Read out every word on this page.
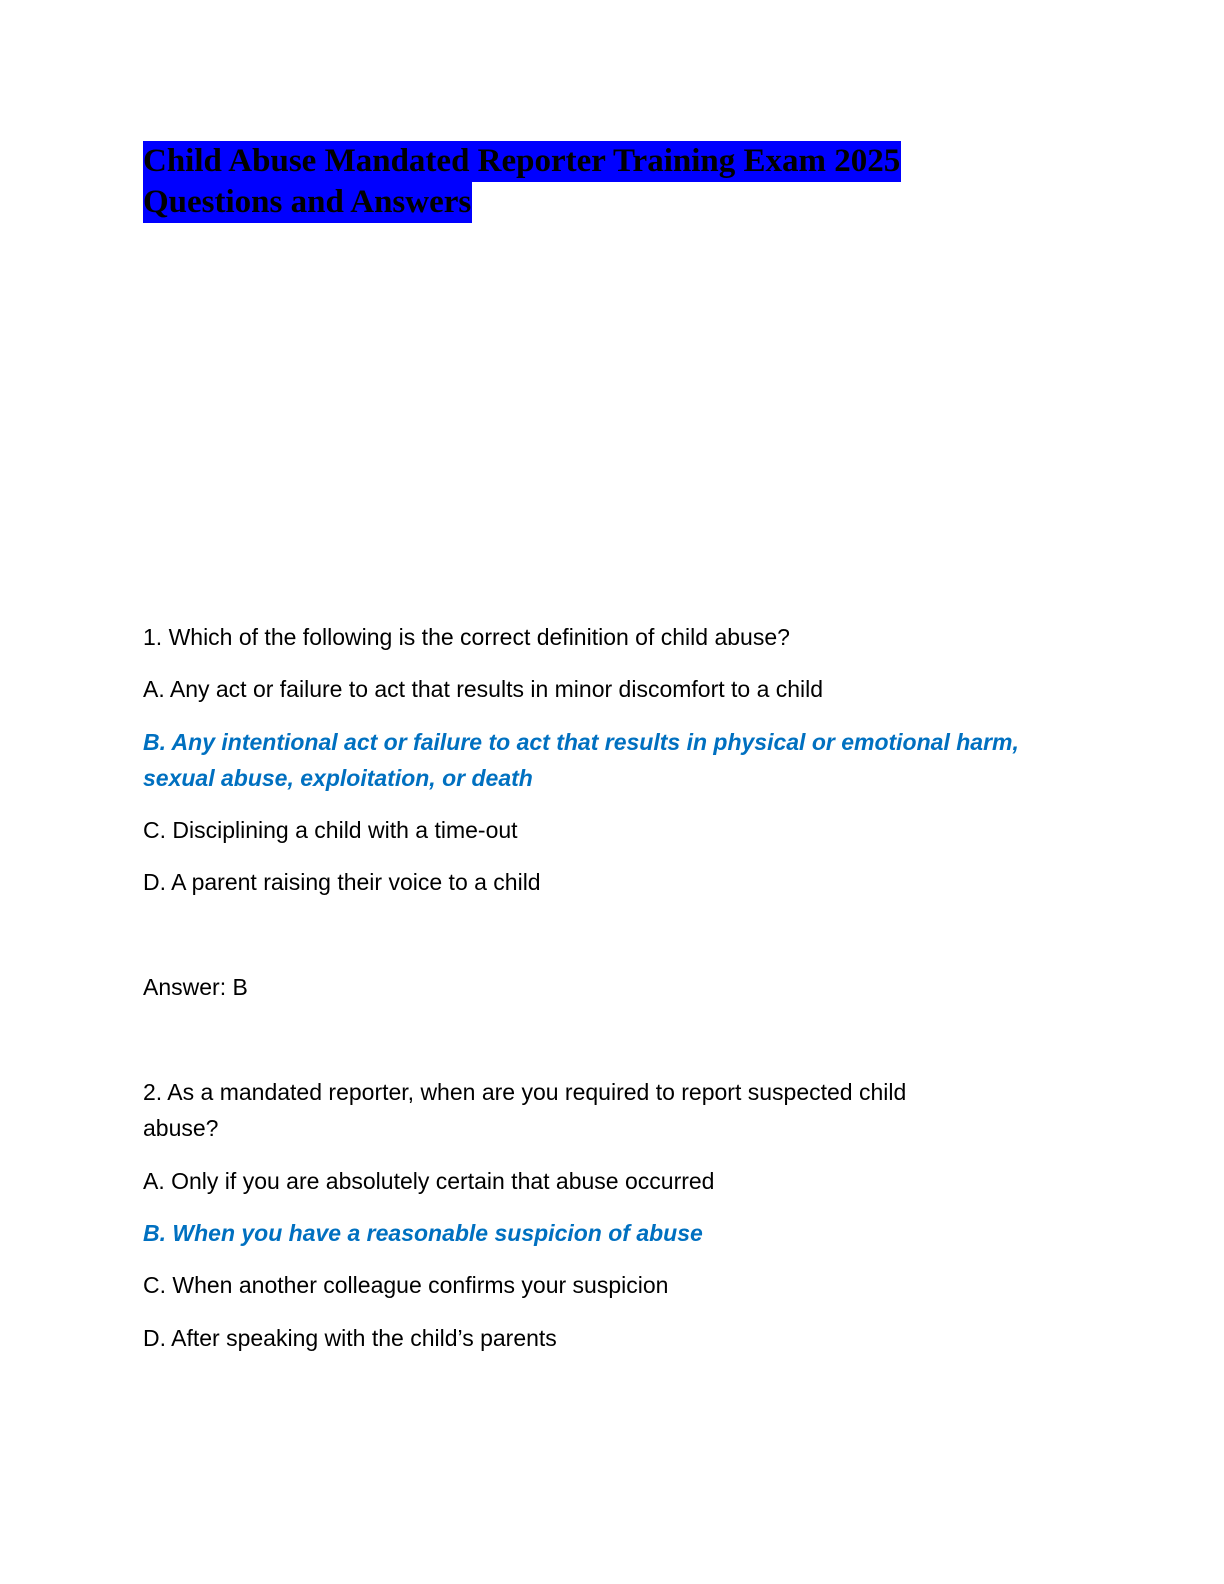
Child Abuse Mandated Reporter Training Exam 2025
Questions and Answers

1. Which of the following is the correct definition of child abuse?

A. Any act or failure to act that results in minor discomfort to a child

B. Any intentional act or failure to act that results in physical or emotional harm,

sexual abuse, exploitation, or death

C. Disciplining a child with a time-out

D. A parent raising their voice to a child

Answer: B

2. As a mandated reporter, when are you required to report suspected child

abuse?

A. Only if you are absolutely certain that abuse occurred

B. When you have a reasonable suspicion of abuse

C. When another colleague confirms your suspicion

D. After speaking with the child’s parents
